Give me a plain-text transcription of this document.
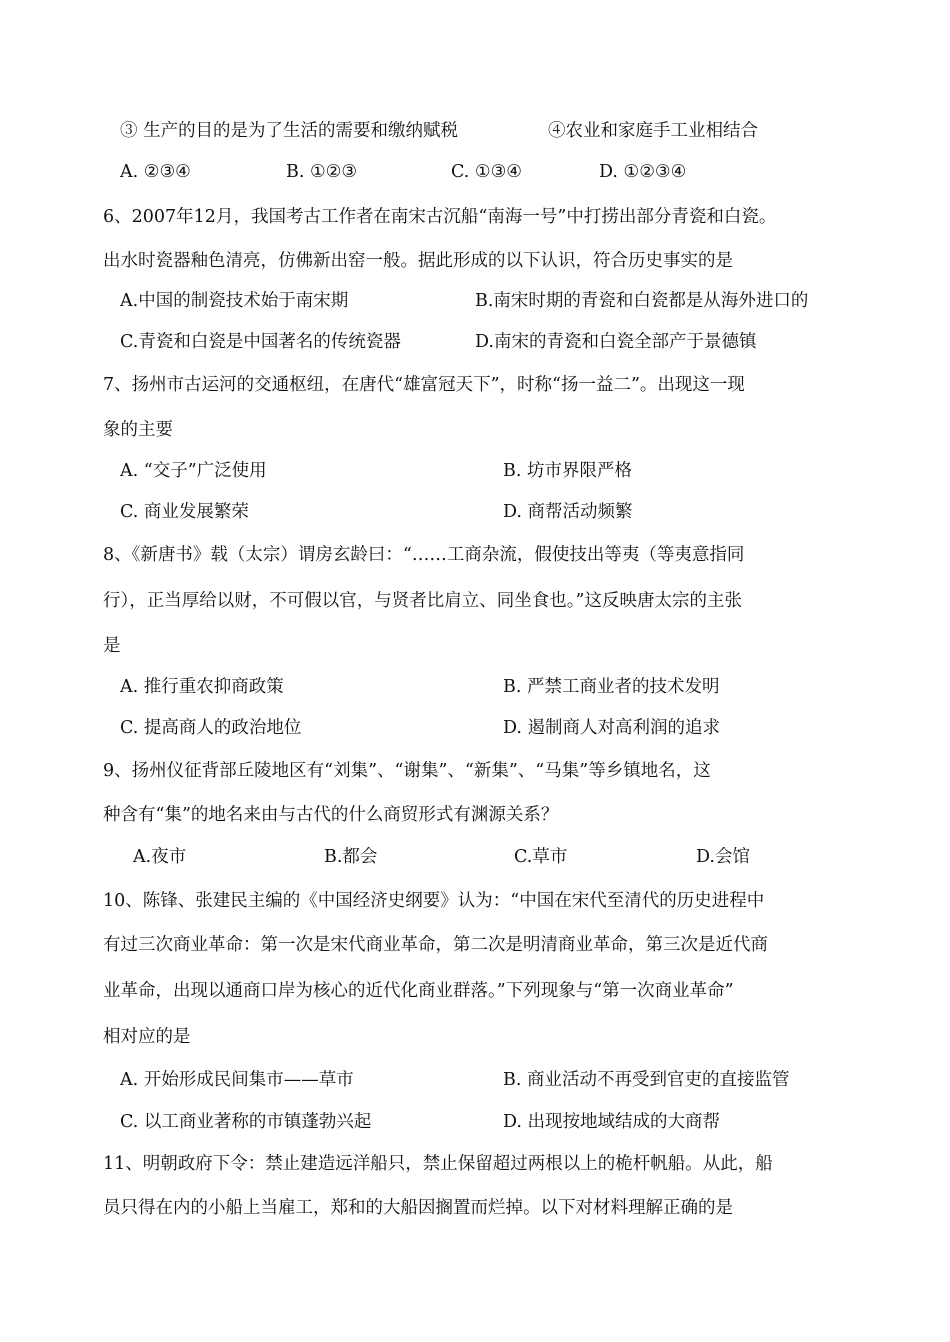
③ 生产的目的是为了生活的需要和缴纳赋税	④农业和家庭手工业相结合
A. ②③④	B. ①②③	C. ①③④	D. ①②③④
6、2007年12月，我国考古工作者在南宋古沉船“南海一号”中打捞出部分青瓷和白瓷。
出水时瓷器釉色清亮，仿佛新出窑一般。据此形成的以下认识，符合历史事实的是
A.中国的制瓷技术始于南宋期	B.南宋时期的青瓷和白瓷都是从海外进口的
C.青瓷和白瓷是中国著名的传统瓷器	D.南宋的青瓷和白瓷全部产于景德镇
7、扬州市古运河的交通枢纽，在唐代“雄富冠天下”，时称“扬一益二”。出现这一现
象的主要
A. “交子”广泛使用	B. 坊市界限严格
C. 商业发展繁荣	D. 商帮活动频繁
8、《新唐书》载（太宗）谓房玄龄曰：“……工商杂流，假使技出等夷（等夷意指同
行），正当厚给以财，不可假以官，与贤者比肩立、同坐食也。”这反映唐太宗的主张
是
A. 推行重农抑商政策	B. 严禁工商业者的技术发明
C. 提高商人的政治地位	D. 遏制商人对高利润的追求
9、扬州仪征背部丘陵地区有“刘集”、“谢集”、“新集”、“马集”等乡镇地名，这
种含有“集”的地名来由与古代的什么商贸形式有渊源关系？
A.夜市	B.都会	C.草市	D.会馆
10、陈锋、张建民主编的《中国经济史纲要》认为：“中国在宋代至清代的历史进程中
有过三次商业革命：第一次是宋代商业革命，第二次是明清商业革命，第三次是近代商
业革命，出现以通商口岸为核心的近代化商业群落。”下列现象与“第一次商业革命”
相对应的是
A. 开始形成民间集市——草市	B. 商业活动不再受到官吏的直接监管
C. 以工商业著称的市镇蓬勃兴起	D. 出现按地域结成的大商帮
11、明朝政府下令：禁止建造远洋船只，禁止保留超过两根以上的桅杆帆船。从此，船
员只得在内的小船上当雇工，郑和的大船因搁置而烂掉。以下对材料理解正确的是
